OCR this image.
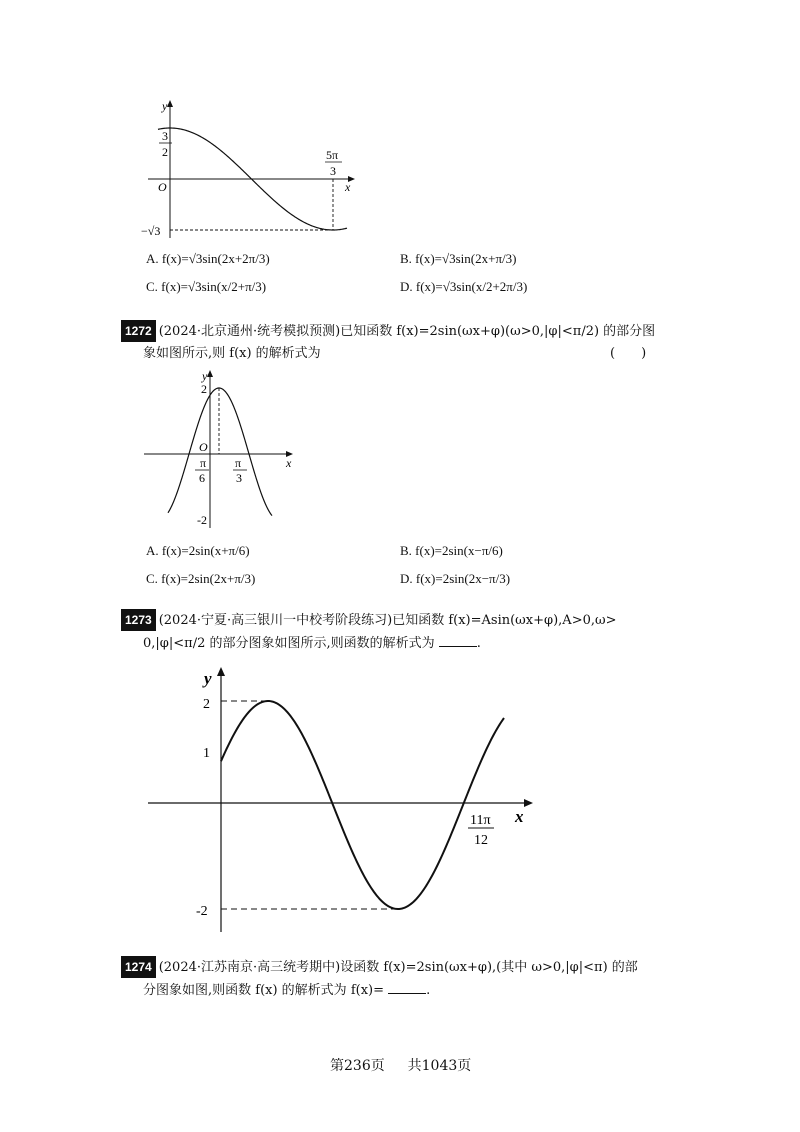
y
x
O
3
2	5π
3
−√3
A. f(x)=√3sin(2x+2π/3)	B. f(x)=√3sin(2x+π/3)
C. f(x)=√3sin(x/2+π/3)	D. f(x)=√3sin(x/2+2π/3)
1272 (2024·北京通州·统考模拟预测)已知函数 f(x)=2sin(ωx+φ)(ω>0,|φ|<π/2) 的部分图
象如图所示,则 f(x) 的解析式为	(　　)
y
x
O
2
-2
π
6
π
3
A. f(x)=2sin(x+π/6)	B. f(x)=2sin(x−π/6)
C. f(x)=2sin(2x+π/3)	D. f(x)=2sin(2x−π/3)
1273 (2024·宁夏·高三银川一中校考阶段练习)已知函数 f(x)=Asin(ωx+φ),A>0,ω>
0,|φ|<π/2 的部分图象如图所示,则函数的解析式为	.
y
x
2
1
-2
11π
12
1274 (2024·江苏南京·高三统考期中)设函数 f(x)=2sin(ωx+φ),(其中 ω>0,|φ|<π) 的部
分图象如图,则函数 f(x) 的解析式为 f(x)=	.
第236页 共1043页
